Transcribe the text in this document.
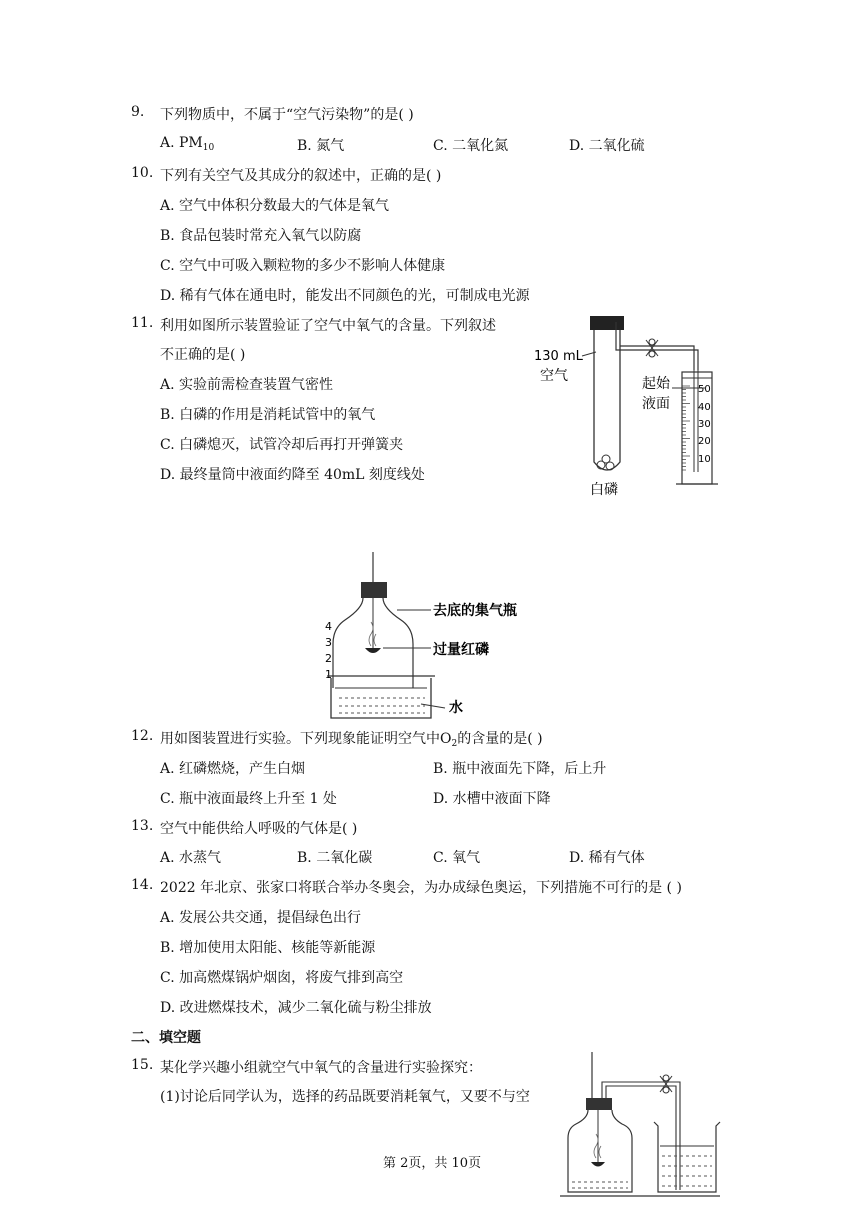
9. 下列物质中，不属于“空气污染物”的是( )
A. $PM_{10}$	B. 氮气	C. 二氧化氮	D. 二氧化硫
10. 下列有关空气及其成分的叙述中，正确的是( )
A. 空气中体积分数最大的气体是氧气
B. 食品包装时常充入氧气以防腐
C. 空气中可吸入颗粒物的多少不影响人体健康
D. 稀有气体在通电时，能发出不同颜色的光，可制成电光源
11. 利用如图所示装置验证了空气中氧气的含量。下列叙述
不正确的是( )
A. 实验前需检查装置气密性
B. 白磷的作用是消耗试管中的氧气
C. 白磷熄灭，试管冷却后再打开弹簧夹
D. 最终量筒中液面约降至 40mL 刻度线处
50
40
30
20
10
130 mL
空气	起始
液面
白磷
4
3
2
1
去底的集气瓶
过量红磷
水
12. 用如图装置进行实验。下列现象能证明空气中$O_2$的含量的是( )
A. 红磷燃烧，产生白烟	B. 瓶中液面先下降，后上升
C. 瓶中液面最终上升至 1 处	D. 水槽中液面下降
13. 空气中能供给人呼吸的气体是( )
A. 水蒸气	B. 二氧化碳	C. 氧气	D. 稀有气体
14. 2022 年北京、张家口将联合举办冬奥会，为办成绿色奥运，下列措施不可行的是 ( )
A. 发展公共交通，提倡绿色出行
B. 增加使用太阳能、核能等新能源
C. 加高燃煤锅炉烟囱，将废气排到高空
D. 改进燃煤技术，减少二氧化硫与粉尘排放
二、填空题
15. 某化学兴趣小组就空气中氧气的含量进行实验探究：
(1)讨论后同学认为，选择的药品既要消耗氧气，又要不与空
第 2页，共 10页
